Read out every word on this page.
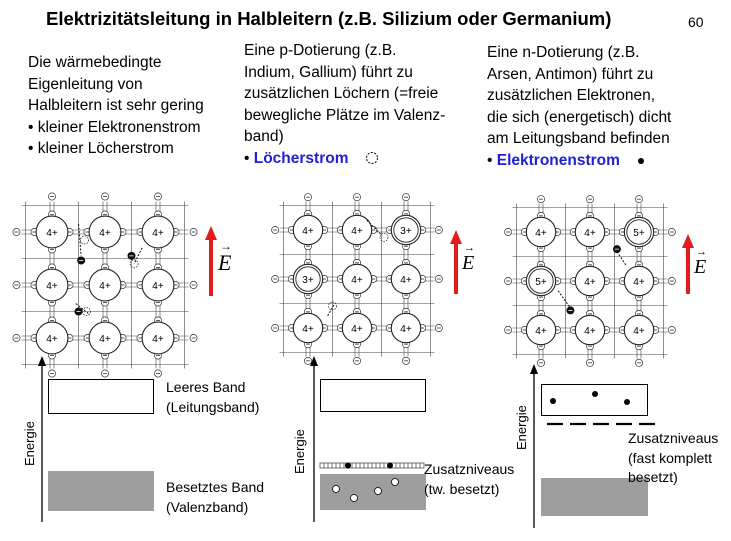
Elektrizitätsleitung in Halbleitern (z.B. Silizium oder Germanium)	60
Die wärmebedingte
Eigenleitung von
Halbleitern ist sehr gering
• kleiner Elektronenstrom
• kleiner Löcherstrom
Eine p-Dotierung (z.B.
Indium, Gallium) führt zu
zusätzlichen Löchern (=freie
bewegliche Plätze im Valenz-
band)
• Löcherstrom
Eine n-Dotierung (z.B.
Arsen, Antimon) führt zu
zusätzlichen Elektronen,
die sich (energetisch) dicht
am Leitungsband befinden
• Elektronenstrom
4+	4+	4+
4+	4+	4+
4+	4+	4+
4+	4+	3+
3+	4+	4+
4+	4+	4+
4+	4+	5+
5+	4+	4+
4+	4+	4+
E
→
E
→
E
→
Energie
Leeres Band
(Leitungsband)
Besetztes Band
(Valenzband)
Energie	Zusatzniveaus
(tw. besetzt)
Energie	Zusatzniveaus
(fast komplett
besetzt)
